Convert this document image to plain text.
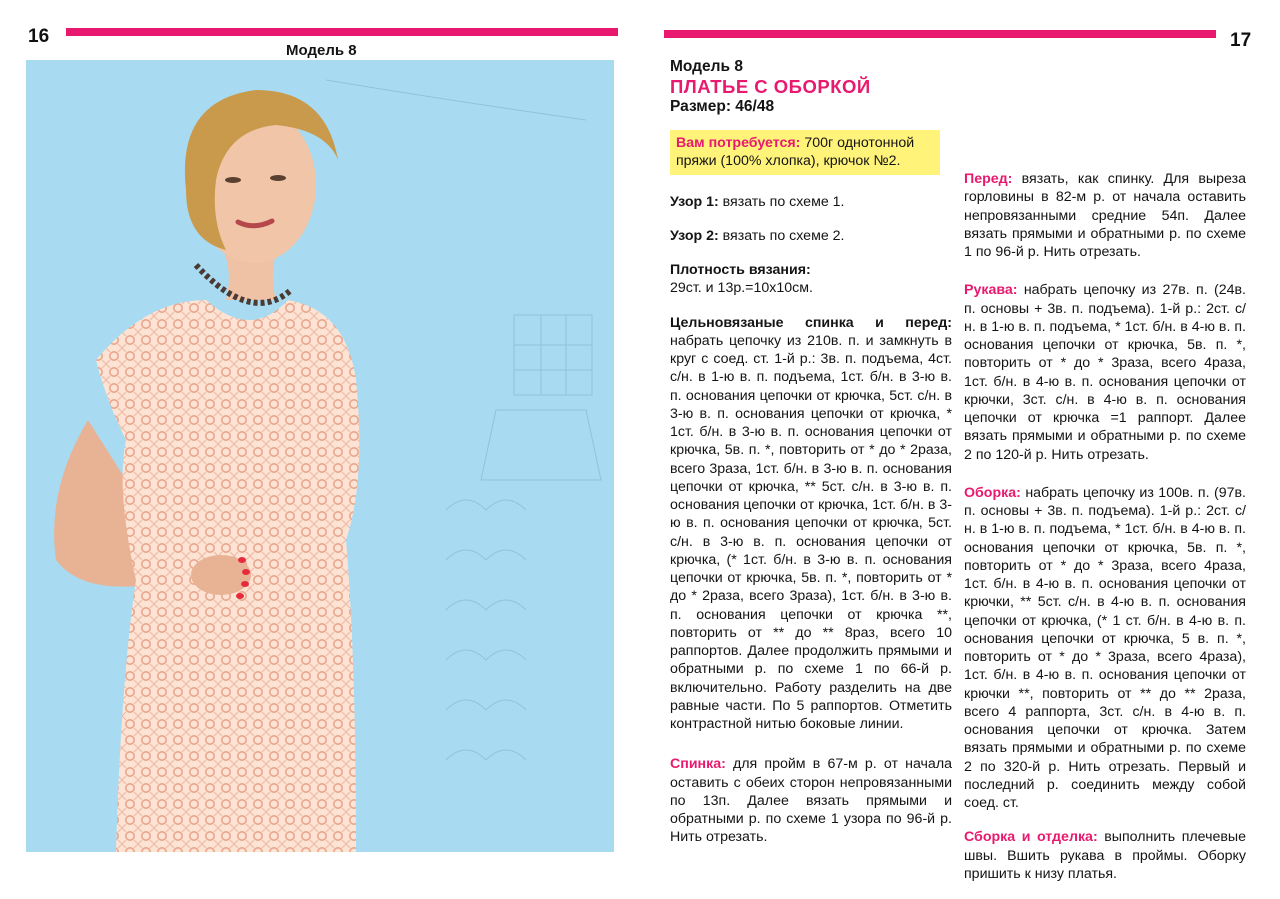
16
Модель 8	17
Модель 8
ПЛАТЬЕ С ОБОРКОЙ
Размер: 46/48
Вам потребуется: 700г однотонной пряжи (100% хлопка), крючок №2.

Узор 1: вязать по схеме 1.

Узор 2: вязать по схеме 2.

Плотность вязания:
29ст. и 13р.=10х10см.

Цельновязаные спинка и перед: набрать цепочку из 210в. п. и замкнуть в круг с соед. ст. 1-й р.: 3в. п. подъема, 4ст. с/н. в 1-ю в. п. подъема, 1ст. б/н. в 3-ю в. п. основания цепочки от крючка, 5ст. с/н. в 3-ю в. п. основания цепочки от крючка, * 1ст. б/н. в 3-ю в. п. основания цепочки от крючка, 5в. п. *, повторить от * до * 2раза, всего 3раза, 1ст. б/н. в 3-ю в. п. основания цепочки от крючка, ** 5ст. с/н. в 3-ю в. п. основания цепочки от крючка, 1ст. б/н. в 3-ю в. п. основания цепочки от крючка, 5ст. с/н. в 3-ю в. п. основания цепочки от крючка, (* 1ст. б/н. в 3-ю в. п. основания цепочки от крючка, 5в. п. *, повторить от * до * 2раза, всего 3раза), 1ст. б/н. в 3-ю в. п. основания цепочки от крючка **, повторить от ** до ** 8раз, всего 10 раппортов. Далее продолжить прямыми и обратными р. по схеме 1 по 66-й р. включительно. Работу разделить на две равные части. По 5 раппортов. Отметить контрастной нитью боковые линии.

Спинка: для пройм в 67-м р. от начала оставить с обеих сторон непровязанными по 13п. Далее вязать прямыми и обратными р. по схеме 1 узора по 96-й р. Нить отрезать.

Перед: вязать, как спинку. Для выреза горловины в 82-м р. от начала оставить непровязанными средние 54п. Далее вязать прямыми и обратными р. по схеме 1 по 96-й р. Нить отрезать.

Рукава: набрать цепочку из 27в. п. (24в. п. основы + 3в. п. подъема). 1-й р.: 2ст. с/н. в 1-ю в. п. подъема, * 1ст. б/н. в 4-ю в. п. основания цепочки от крючка, 5в. п. *, повторить от * до * 3раза, всего 4раза, 1ст. б/н. в 4-ю в. п. основания цепочки от крючки, 3ст. с/н. в 4-ю в. п. основания цепочки от крючка =1 раппорт. Далее вязать прямыми и обратными р. по схеме 2 по 120-й р. Нить отрезать.

Оборка: набрать цепочку из 100в. п. (97в. п. основы + 3в. п. подъема). 1-й р.: 2ст. с/н. в 1-ю в. п. подъема, * 1ст. б/н. в 4-ю в. п. основания цепочки от крючка, 5в. п. *, повторить от * до * 3раза, всего 4раза, 1ст. б/н. в 4-ю в. п. основания цепочки от крючки, ** 5ст. с/н. в 4-ю в. п. основания цепочки от крючка, (* 1 ст. б/н. в 4-ю в. п. основания цепочки от крючка, 5 в. п. *, повторить от * до * 3раза, всего 4раза), 1ст. б/н. в 4-ю в. п. основания цепочки от крючки **, повторить от ** до ** 2раза, всего 4 раппорта, 3ст. с/н. в 4-ю в. п. основания цепочки от крючка. Затем вязать прямыми и обратными р. по схеме 2 по 320-й р. Нить отрезать. Первый и последний р. соединить между собой соед. ст.

Сборка и отделка: выполнить плечевые швы. Вшить рукава в проймы. Оборку пришить к низу платья.
